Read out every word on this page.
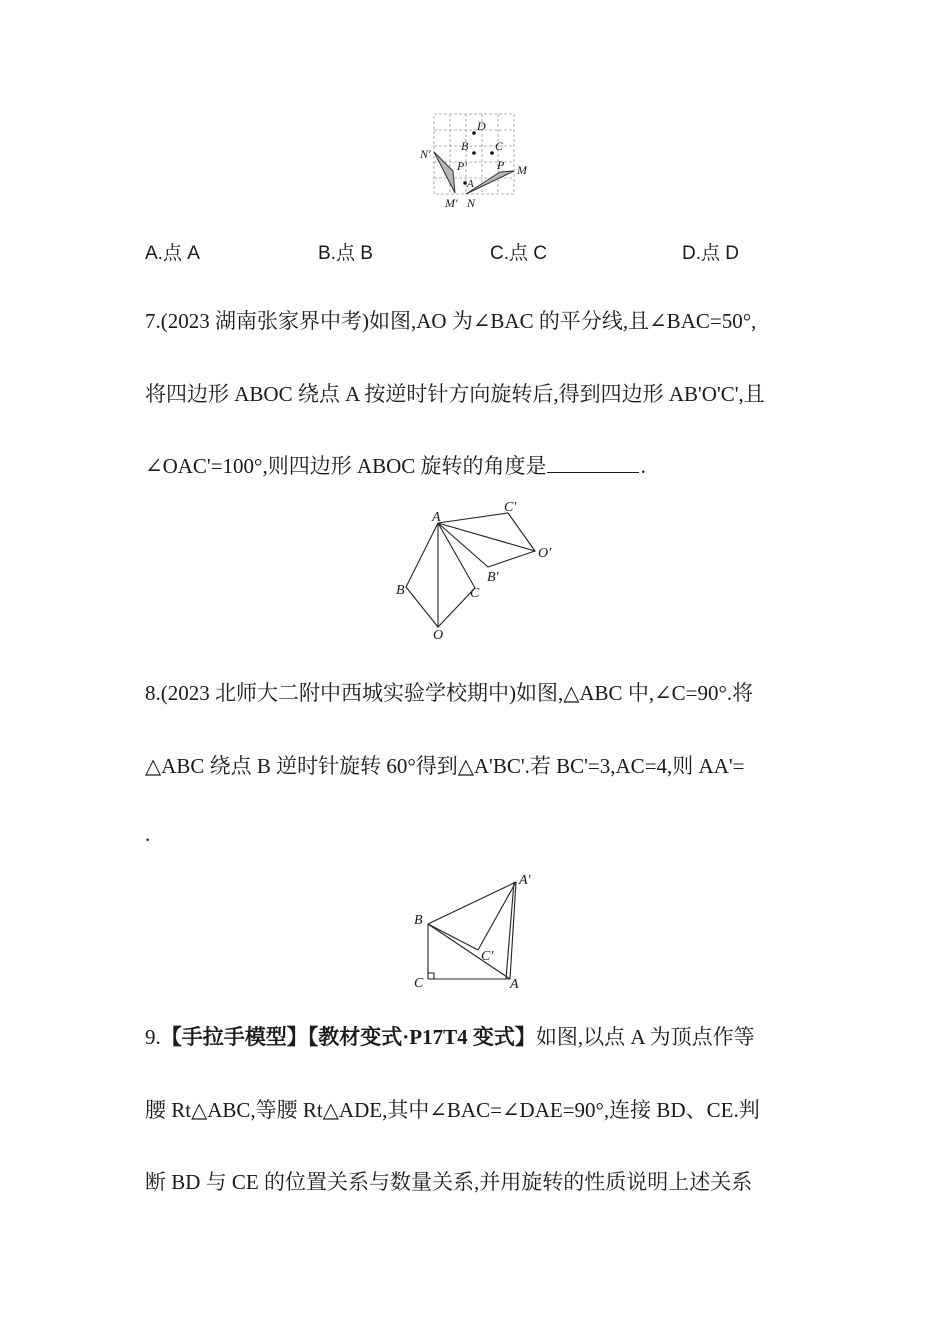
D
B C
N′
P′	P M
A
M′ N
A.点 A	B.点 B	C.点 C	D.点 D
7.(2023 湖南张家界中考)如图,AO 为∠BAC 的平分线,且∠BAC=50°,
将四边形 ABOC 绕点 A 按逆时针方向旋转后,得到四边形 AB'O'C',且
∠OAC'=100°,则四边形 ABOC 旋转的角度是	.
A
C′
O′
B′
B	C
O
8.(2023 北师大二附中西城实验学校期中)如图,△ABC 中,∠C=90°.将
△ABC 绕点 B 逆时针旋转 60°得到△A'BC'.若 BC'=3,AC=4,则 AA'=
.
B
A′
C′
C	A
9.【手拉手模型】【教材变式·P17T4 变式】如图,以点 A 为顶点作等
腰 Rt△ABC,等腰 Rt△ADE,其中∠BAC=∠DAE=90°,连接 BD、CE.判
断 BD 与 CE 的位置关系与数量关系,并用旋转的性质说明上述关系
